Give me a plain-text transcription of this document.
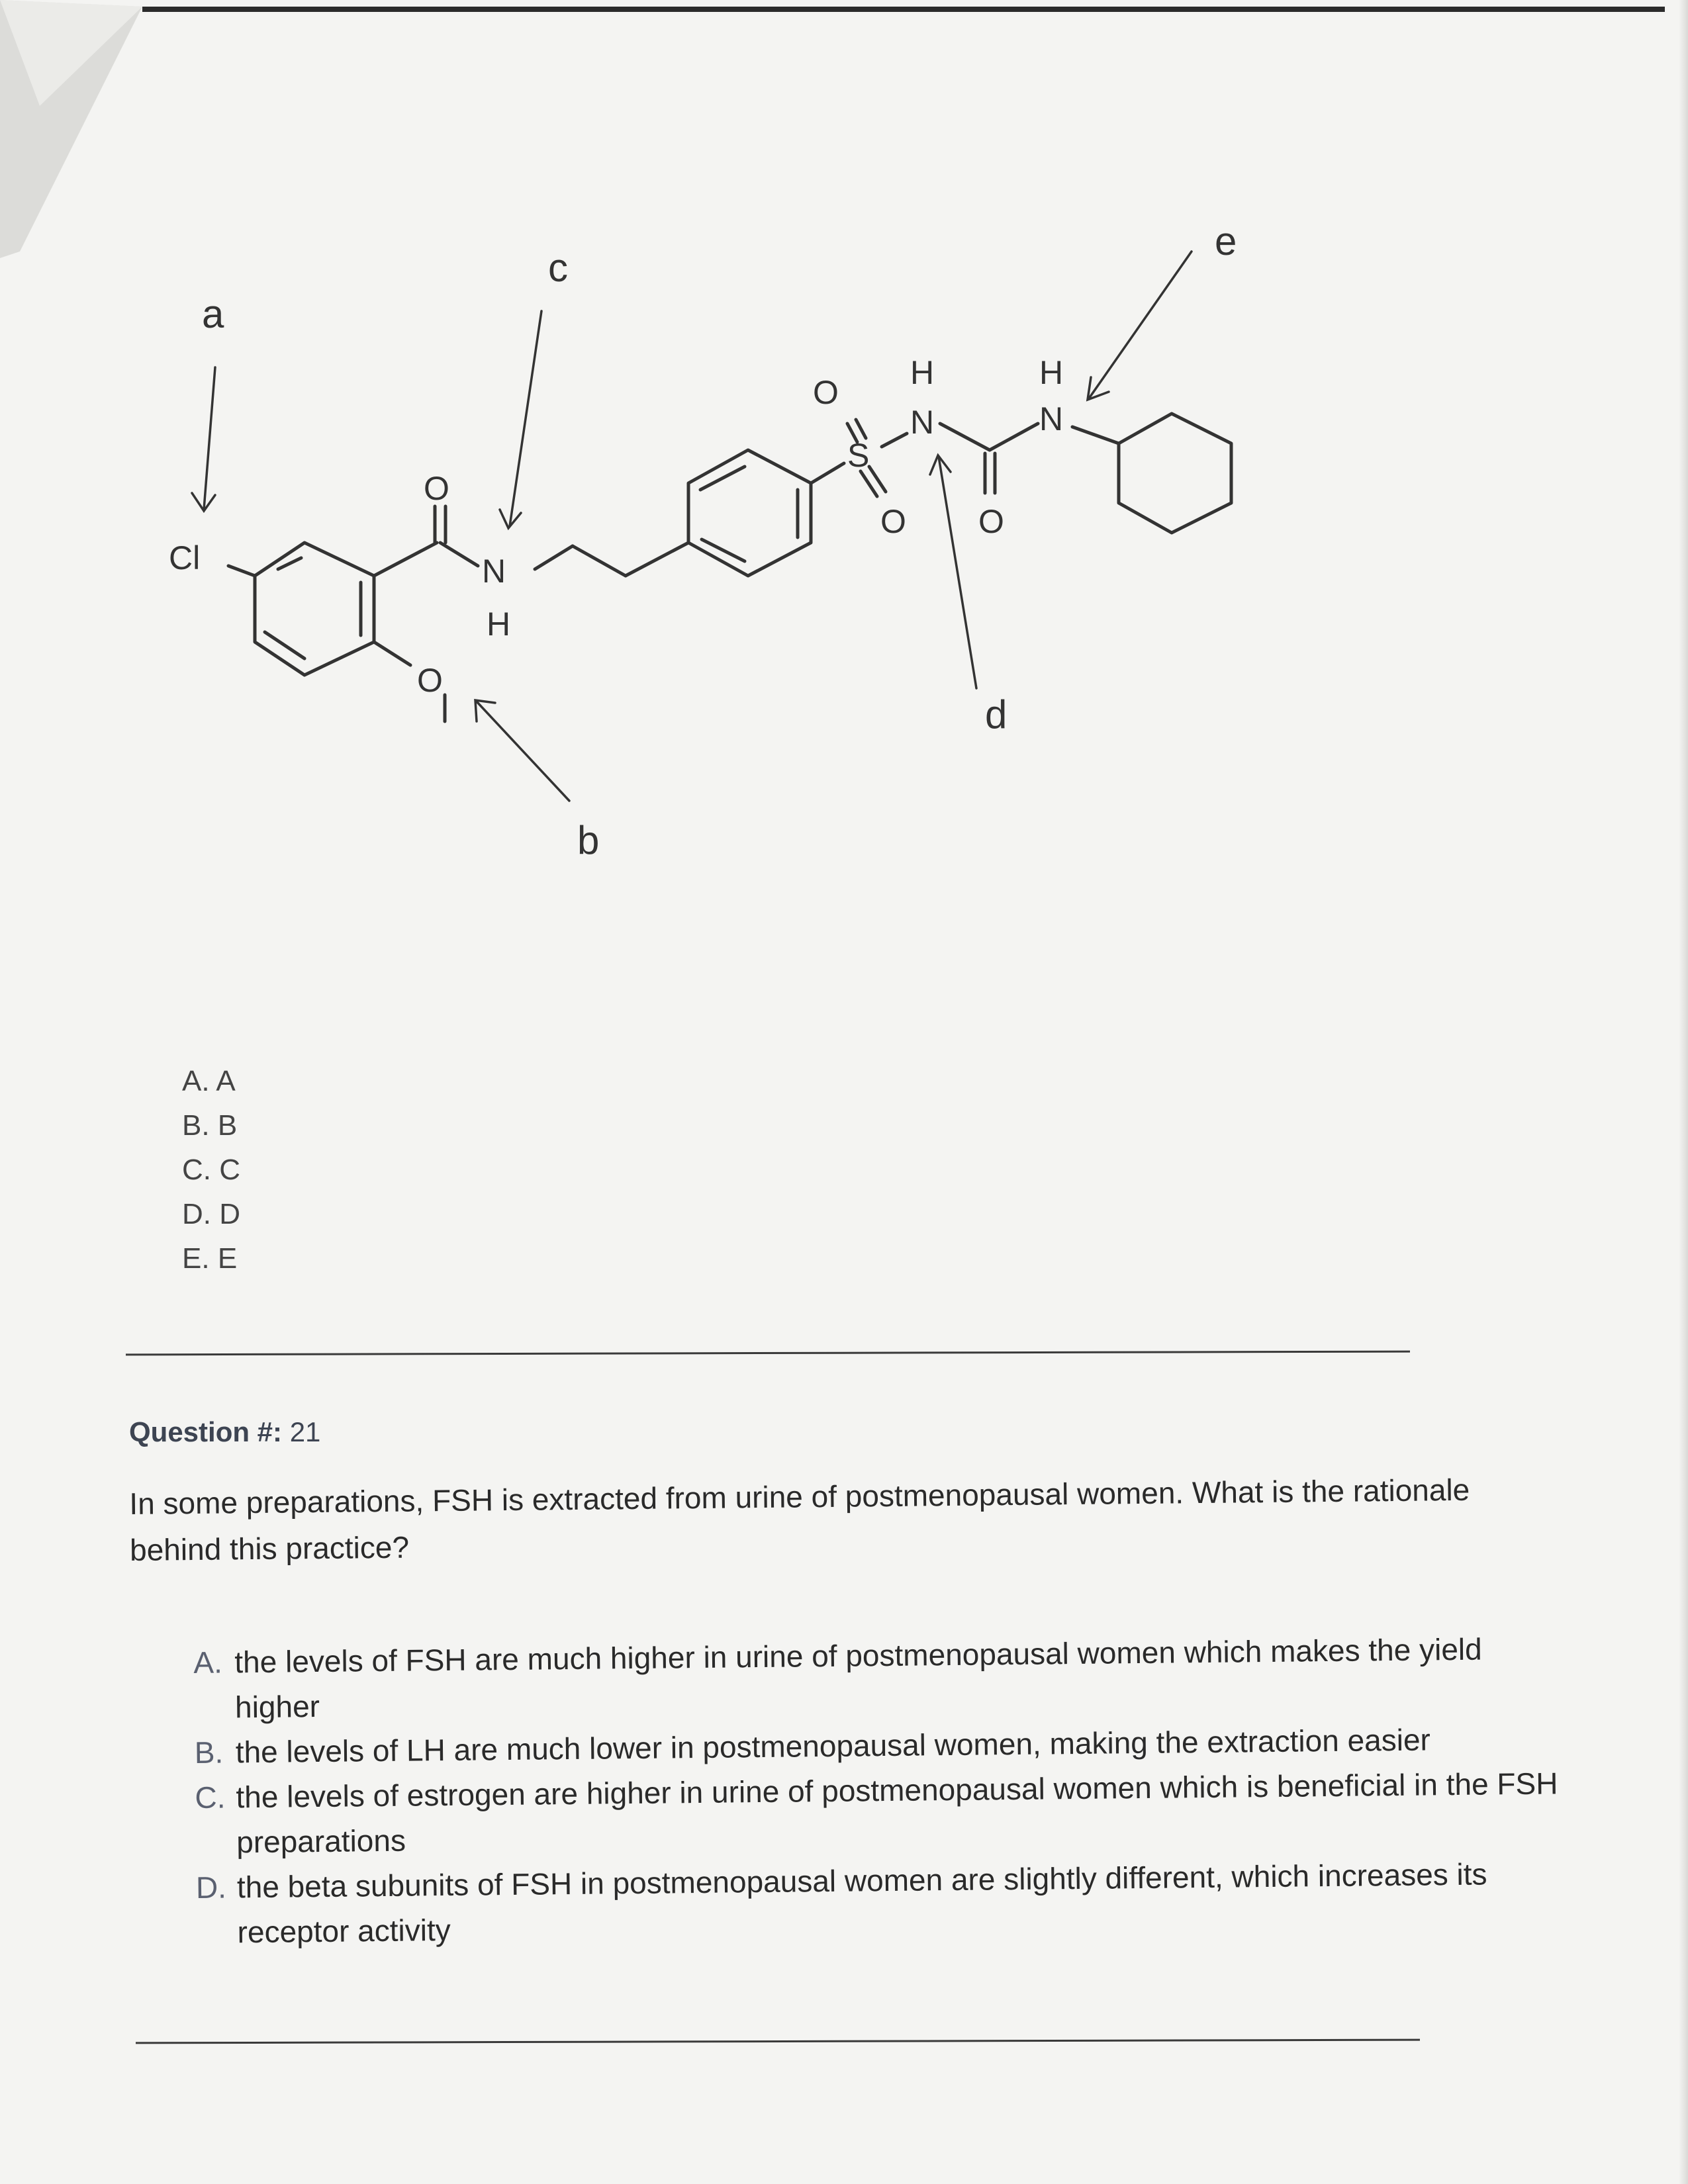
Cl	N
H
O
O
O
S
O
H
N
O
H
N
a
b
c
d
e
A. A
B. B
C. C
D. D
E. E
Question #: 21
In some preparations, FSH is extracted from urine of postmenopausal women. What is the rationale behind this practice?
A. the levels of FSH are much higher in urine of postmenopausal women which makes the yield higher
B. the levels of LH are much lower in postmenopausal women, making the extraction easier
C. the levels of estrogen are higher in urine of postmenopausal women which is beneficial in the FSH preparations
D. the beta subunits of FSH in postmenopausal women are slightly different, which increases its receptor activity
